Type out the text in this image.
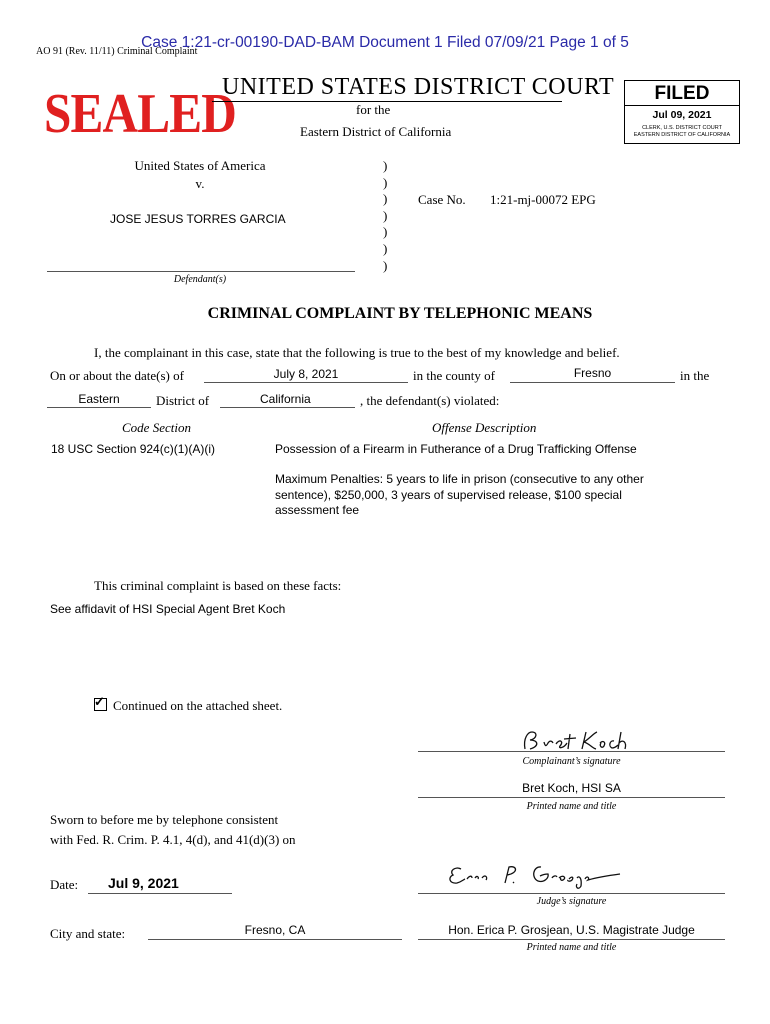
Case 1:21-cr-00190-DAD-BAM Document 1 Filed 07/09/21 Page 1 of 5
AO 91 (Rev. 11/11) Criminal Complaint
SEALED
UNITED STATES DISTRICT COURT
for the
Eastern District of California
FILED
Jul 09, 2021
CLERK, U.S. DISTRICT COURT
EASTERN DISTRICT OF CALIFORNIA
United States of America
v.
JOSE JESUS TORRES GARCIA
Defendant(s)
)
)
)
)
)
)
)
Case No. 1:21-mj-00072 EPG
CRIMINAL COMPLAINT BY TELEPHONIC MEANS
I, the complainant in this case, state that the following is true to the best of my knowledge and belief.
On or about the date(s) of	July 8, 2021	in the county of	Fresno	in the
Eastern	District of	California	, the defendant(s) violated:
Code Section	Offense Description
18 USC Section 924(c)(1)(A)(i)	Possession of a Firearm in Futherance of a Drug Trafficking Offense
Maximum Penalties: 5 years to life in prison (consecutive to any other
sentence), $250,000, 3 years of supervised release, $100 special
assessment fee
This criminal complaint is based on these facts:
See affidavit of HSI Special Agent Bret Koch
✓Continued on the attached sheet.
Complainant’s signature
Bret Koch, HSI SA
Printed name and title
Sworn to before me by telephone consistent
with Fed. R. Crim. P. 4.1, 4(d), and 41(d)(3) on
Date: Jul 9, 2021
Judge’s signature
City and state:	Fresno, CA	Hon. Erica P. Grosjean, U.S. Magistrate Judge
Printed name and title
